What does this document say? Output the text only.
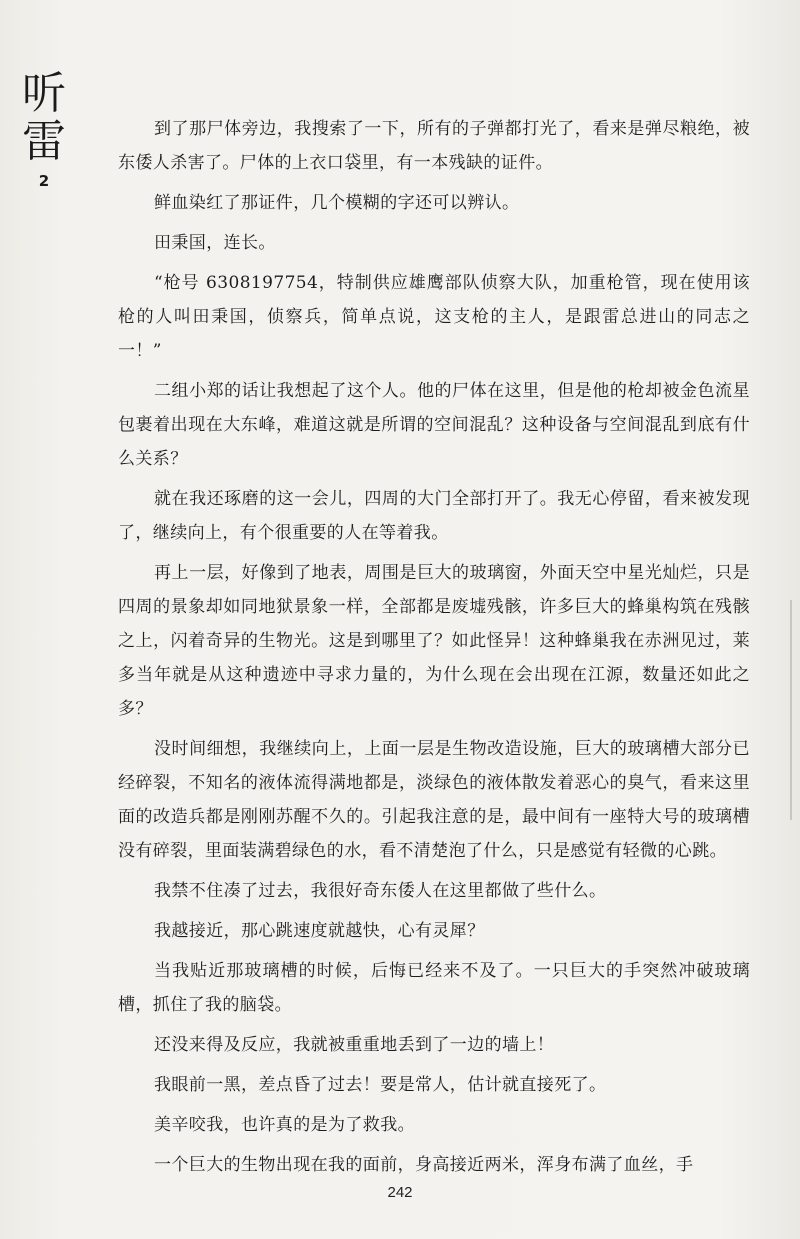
听
雷
2

到了那尸体旁边，我搜索了一下，所有的子弹都打光了，看来是弹尽粮绝，被东倭人杀害了。尸体的上衣口袋里，有一本残缺的证件。

鲜血染红了那证件，几个模糊的字还可以辨认。

田秉国，连长。

“枪号 6308197754，特制供应雄鹰部队侦察大队，加重枪管，现在使用该枪的人叫田秉国，侦察兵，简单点说，这支枪的主人，是跟雷总进山的同志之一！”

二组小郑的话让我想起了这个人。他的尸体在这里，但是他的枪却被金色流星包裹着出现在大东峰，难道这就是所谓的空间混乱？这种设备与空间混乱到底有什么关系？

就在我还琢磨的这一会儿，四周的大门全部打开了。我无心停留，看来被发现了，继续向上，有个很重要的人在等着我。

再上一层，好像到了地表，周围是巨大的玻璃窗，外面天空中星光灿烂，只是四周的景象却如同地狱景象一样，全部都是废墟残骸，许多巨大的蜂巢构筑在残骸之上，闪着奇异的生物光。这是到哪里了？如此怪异！这种蜂巢我在赤洲见过，莱多当年就是从这种遗迹中寻求力量的，为什么现在会出现在江源，数量还如此之多？

没时间细想，我继续向上，上面一层是生物改造设施，巨大的玻璃槽大部分已经碎裂，不知名的液体流得满地都是，淡绿色的液体散发着恶心的臭气，看来这里面的改造兵都是刚刚苏醒不久的。引起我注意的是，最中间有一座特大号的玻璃槽没有碎裂，里面装满碧绿色的水，看不清楚泡了什么，只是感觉有轻微的心跳。

我禁不住凑了过去，我很好奇东倭人在这里都做了些什么。

我越接近，那心跳速度就越快，心有灵犀？

当我贴近那玻璃槽的时候，后悔已经来不及了。一只巨大的手突然冲破玻璃槽，抓住了我的脑袋。

还没来得及反应，我就被重重地丢到了一边的墙上！

我眼前一黑，差点昏了过去！要是常人，估计就直接死了。

美辛咬我，也许真的是为了救我。

一个巨大的生物出现在我的面前，身高接近两米，浑身布满了血丝，手

242
